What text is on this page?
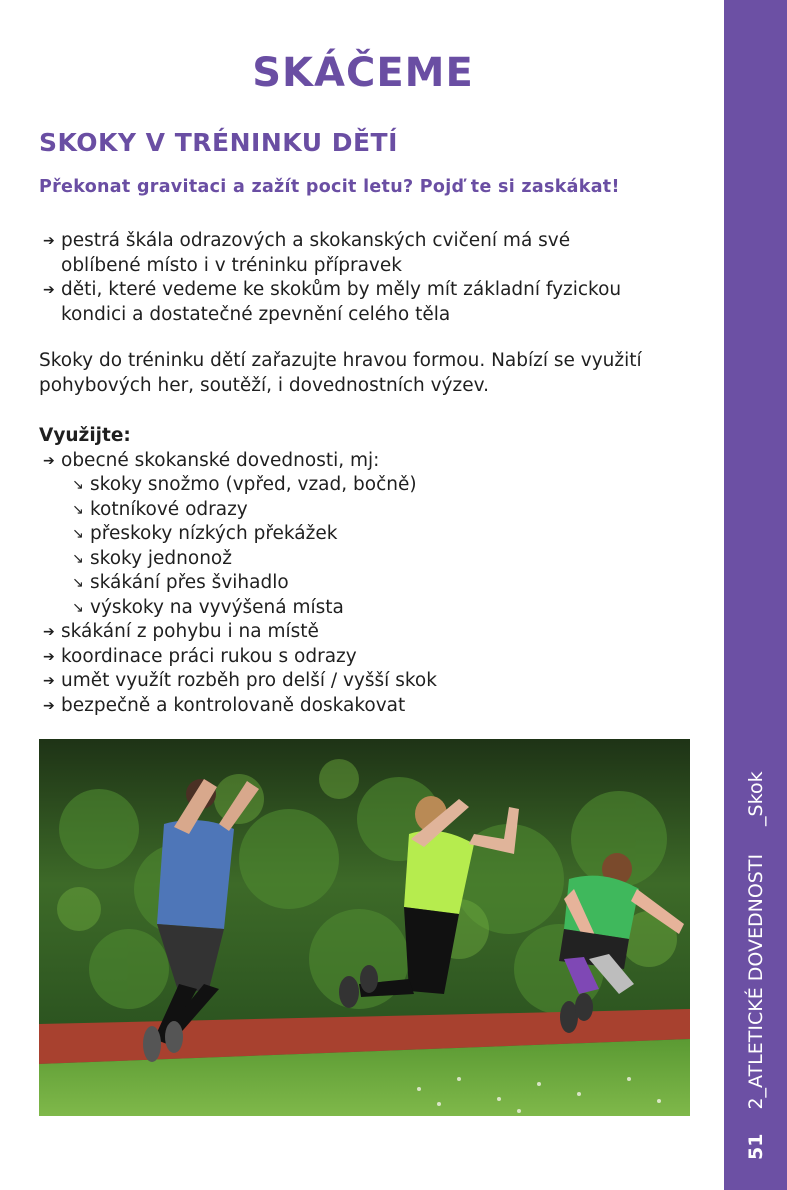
SKÁČEME
SKOKY V TRÉNINKU DĚTÍ
Překonat gravitaci a zažít pocit letu? Pojď te si zaskákat!
➔ pestrá škála odrazových a skokanských cvičení má své
oblíbené místo i v tréninku přípravek
➔ děti, které vedeme ke skokům by měly mít základní fyzickou
kondici a dostatečné zpevnění celého těla
Skoky do tréninku dětí zařazujte hravou formou. Nabízí se využití
pohybových her, soutěží, i dovednostních výzev.
Využijte:
➔ obecné skokanské dovednosti, mj:
↘ skoky snožmo (vpřed, vzad, bočně)
↘ kotníkové odrazy
↘ přeskoky nízkých překážek
↘ skoky jednonož
↘ skákání přes švihadlo
↘ výskoky na vyvýšená místa
➔ skákání z pohybu i na místě
➔ koordinace práci rukou s odrazy
➔ umět využít rozběh pro delší / vyšší skok
➔ bezpečně a kontrolovaně doskakovat
512_ATLETICKÉ DOVEDNOSTI_Skok
